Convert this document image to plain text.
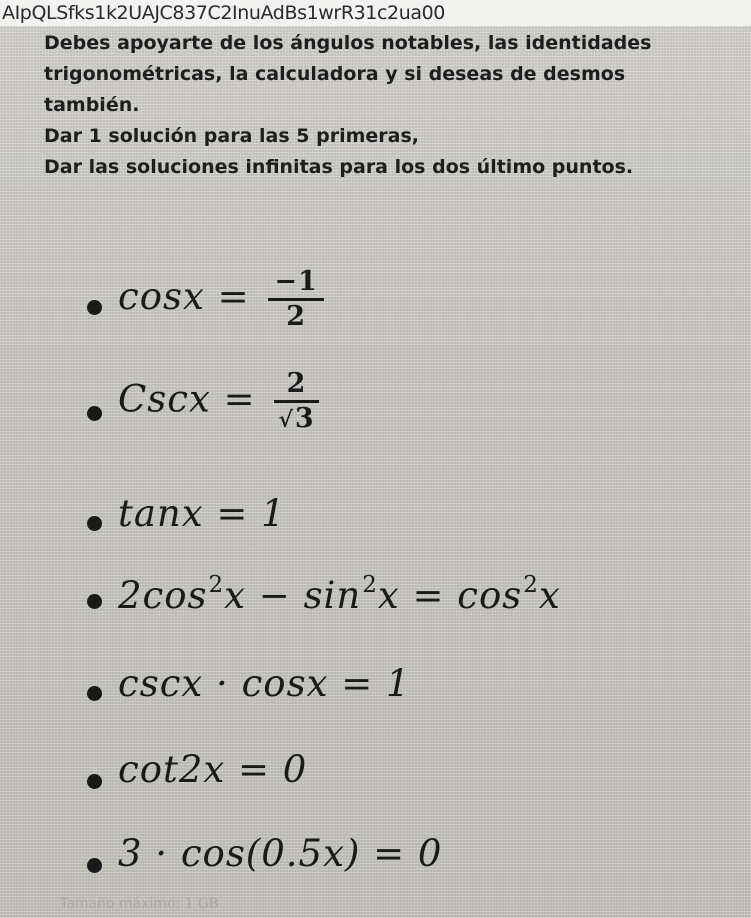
AIpQLSfks1k2UAJC837C2InuAdBs1wrR31c2ua00
Debes apoyarte de los ángulos notables, las identidades
trigonométricas, la calculadora y si deseas de desmos
también.
Dar 1 solución para las 5 primeras,
Dar las soluciones infinitas para los dos último puntos.
$\cos x = \frac{-1}{2}$
Cscx = $\frac{2}{√3}$
tanx = 1
$2\cos^2x - \sin^2x = \cos^2x$
cscx · cosx = 1
cot2x = 0
3 · cos(0.5x) = 0
Tamaño máximo: 1 GB
